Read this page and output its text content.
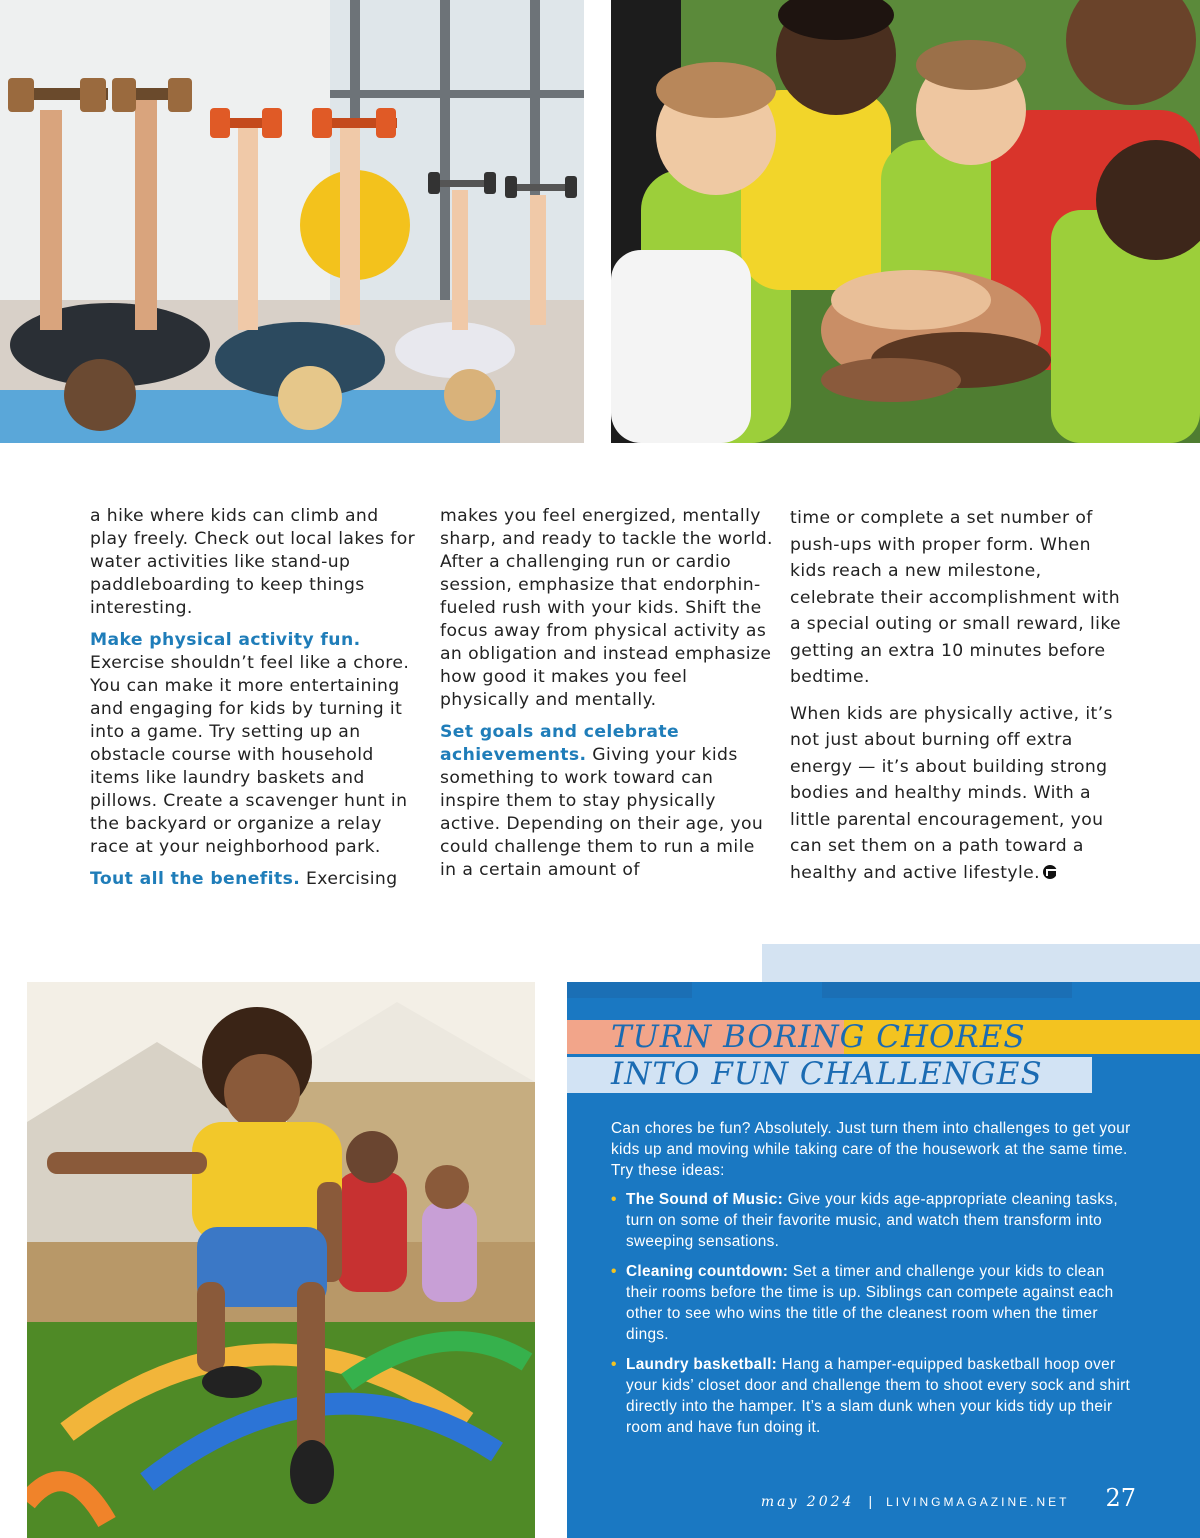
a hike where kids can climb and play freely. Check out local lakes for water activities like stand-up paddleboarding to keep things interesting.

Make physical activity fun.
Exercise shouldn’t feel like a chore. You can make it more entertaining and engaging for kids by turning it into a game. Try setting up an obstacle course with household items like laundry baskets and pillows. Create a scavenger hunt in the backyard or organize a relay race at your neighborhood park.

Tout all the benefits. Exercising

makes you feel energized, mentally sharp, and ready to tackle the world. After a challenging run or cardio session, emphasize that endorphin-fueled rush with your kids. Shift the focus away from physical activity as an obligation and instead emphasize how good it makes you feel physically and mentally.

Set goals and celebrate achievements. Giving your kids something to work toward can inspire them to stay physically active. Depending on their age, you could challenge them to run a mile in a certain amount of

time or complete a set number of push-ups with proper form. When kids reach a new milestone, celebrate their accomplishment with a special outing or small reward, like getting an extra 10 minutes before bedtime.

When kids are physically active, it’s not just about burning off extra energy — it’s about building strong bodies and healthy minds. With a little parental encouragement, you can set them on a path toward a healthy and active lifestyle.

TURN BORING CHORES
INTO FUN CHALLENGES

Can chores be fun? Absolutely. Just turn them into challenges to get your kids up and moving while taking care of the housework at the same time. Try these ideas:

• The Sound of Music: Give your kids age-appropriate cleaning tasks, turn on some of their favorite music, and watch them transform into sweeping sensations.
• Cleaning countdown: Set a timer and challenge your kids to clean their rooms before the time is up. Siblings can compete against each other to see who wins the title of the cleanest room when the timer dings.
• Laundry basketball: Hang a hamper-equipped basketball hoop over your kids’ closet door and challenge them to shoot every sock and shirt directly into the hamper. It’s a slam dunk when your kids tidy up their room and have fun doing it.
may 2024 | LIVINGMAGAZINE.NET 27
